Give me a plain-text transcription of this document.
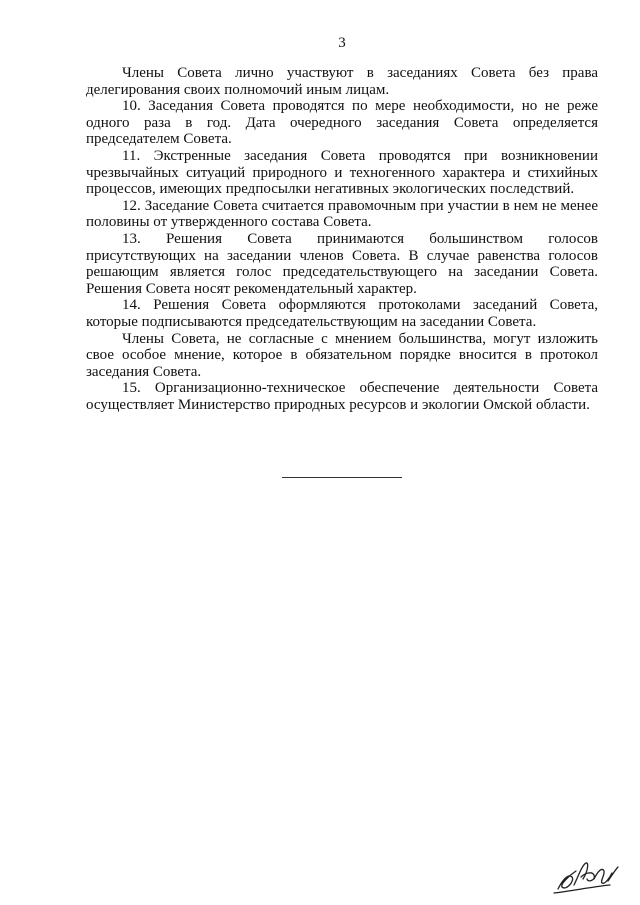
3

Члены Совета лично участвуют в заседаниях Совета без права делегирования своих полномочий иным лицам.

10. Заседания Совета проводятся по мере необходимости, но не реже одного раза в год. Дата очередного заседания Совета определяется председателем Совета.

11. Экстренные заседания Совета проводятся при возникновении чрезвычайных ситуаций природного и техногенного характера и стихийных процессов, имеющих предпосылки негативных экологических последствий.

12. Заседание Совета считается правомочным при участии в нем не менее половины от утвержденного состава Совета.

13. Решения Совета принимаются большинством голосов присутствующих на заседании членов Совета. В случае равенства голосов решающим является голос председательствующего на заседании Совета. Решения Совета носят рекомендательный характер.

14. Решения Совета оформляются протоколами заседаний Совета, которые подписываются председательствующим на заседании Совета.

Члены Совета, не согласные с мнением большинства, могут изложить свое особое мнение, которое в обязательном порядке вносится в протокол заседания Совета.

15. Организационно-техническое обеспечение деятельности Совета осуществляет Министерство природных ресурсов и экологии Омской области.
